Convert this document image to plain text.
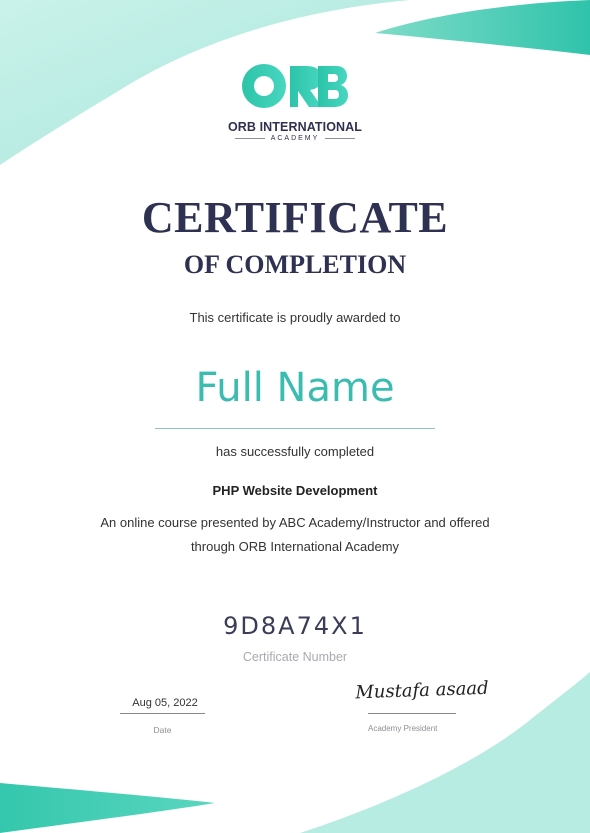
ORB INTERNATIONAL
ACADEMY
CERTIFICATE
OF COMPLETION
This certificate is proudly awarded to
Full Name
has successfully completed
PHP Website Development
An online course presented by ABC Academy/Instructor and offered through ORB International Academy
9D8A74X1
Certificate Number
Aug 05, 2022
Date
Mustafa asaad
Academy President
